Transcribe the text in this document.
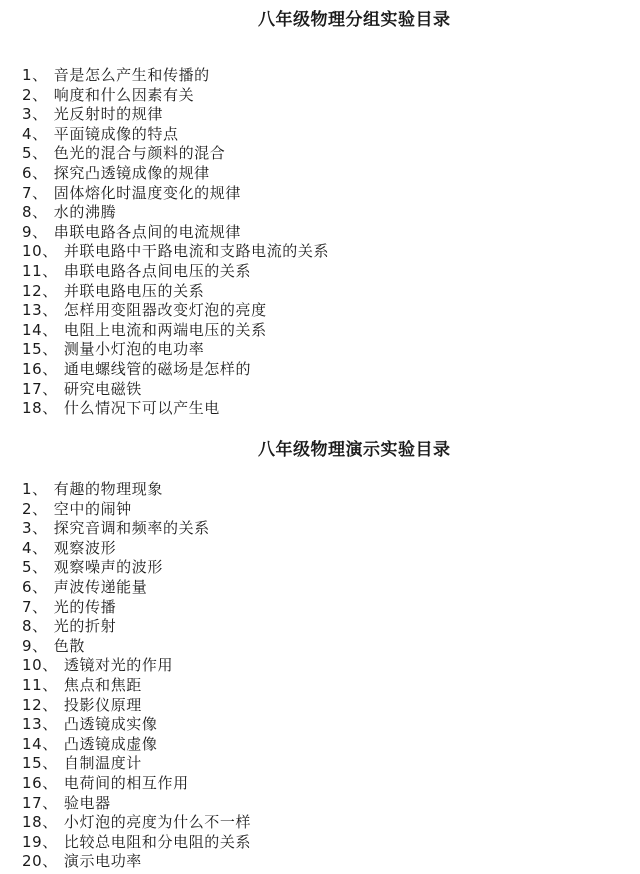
八年级物理分组实验目录
1、 音是怎么产生和传播的
2、 响度和什么因素有关
3、 光反射时的规律
4、 平面镜成像的特点
5、 色光的混合与颜料的混合
6、 探究凸透镜成像的规律
7、 固体熔化时温度变化的规律
8、 水的沸腾
9、 串联电路各点间的电流规律
10、 并联电路中干路电流和支路电流的关系
11、 串联电路各点间电压的关系
12、 并联电路电压的关系
13、 怎样用变阻器改变灯泡的亮度
14、 电阻上电流和两端电压的关系
15、 测量小灯泡的电功率
16、 通电螺线管的磁场是怎样的
17、 研究电磁铁
18、 什么情况下可以产生电
八年级物理演示实验目录
1、 有趣的物理现象
2、 空中的闹钟
3、 探究音调和频率的关系
4、 观察波形
5、 观察噪声的波形
6、 声波传递能量
7、 光的传播
8、 光的折射
9、 色散
10、 透镜对光的作用
11、 焦点和焦距
12、 投影仪原理
13、 凸透镜成实像
14、 凸透镜成虚像
15、 自制温度计
16、 电荷间的相互作用
17、 验电器
18、 小灯泡的亮度为什么不一样
19、 比较总电阻和分电阻的关系
20、 演示电功率
